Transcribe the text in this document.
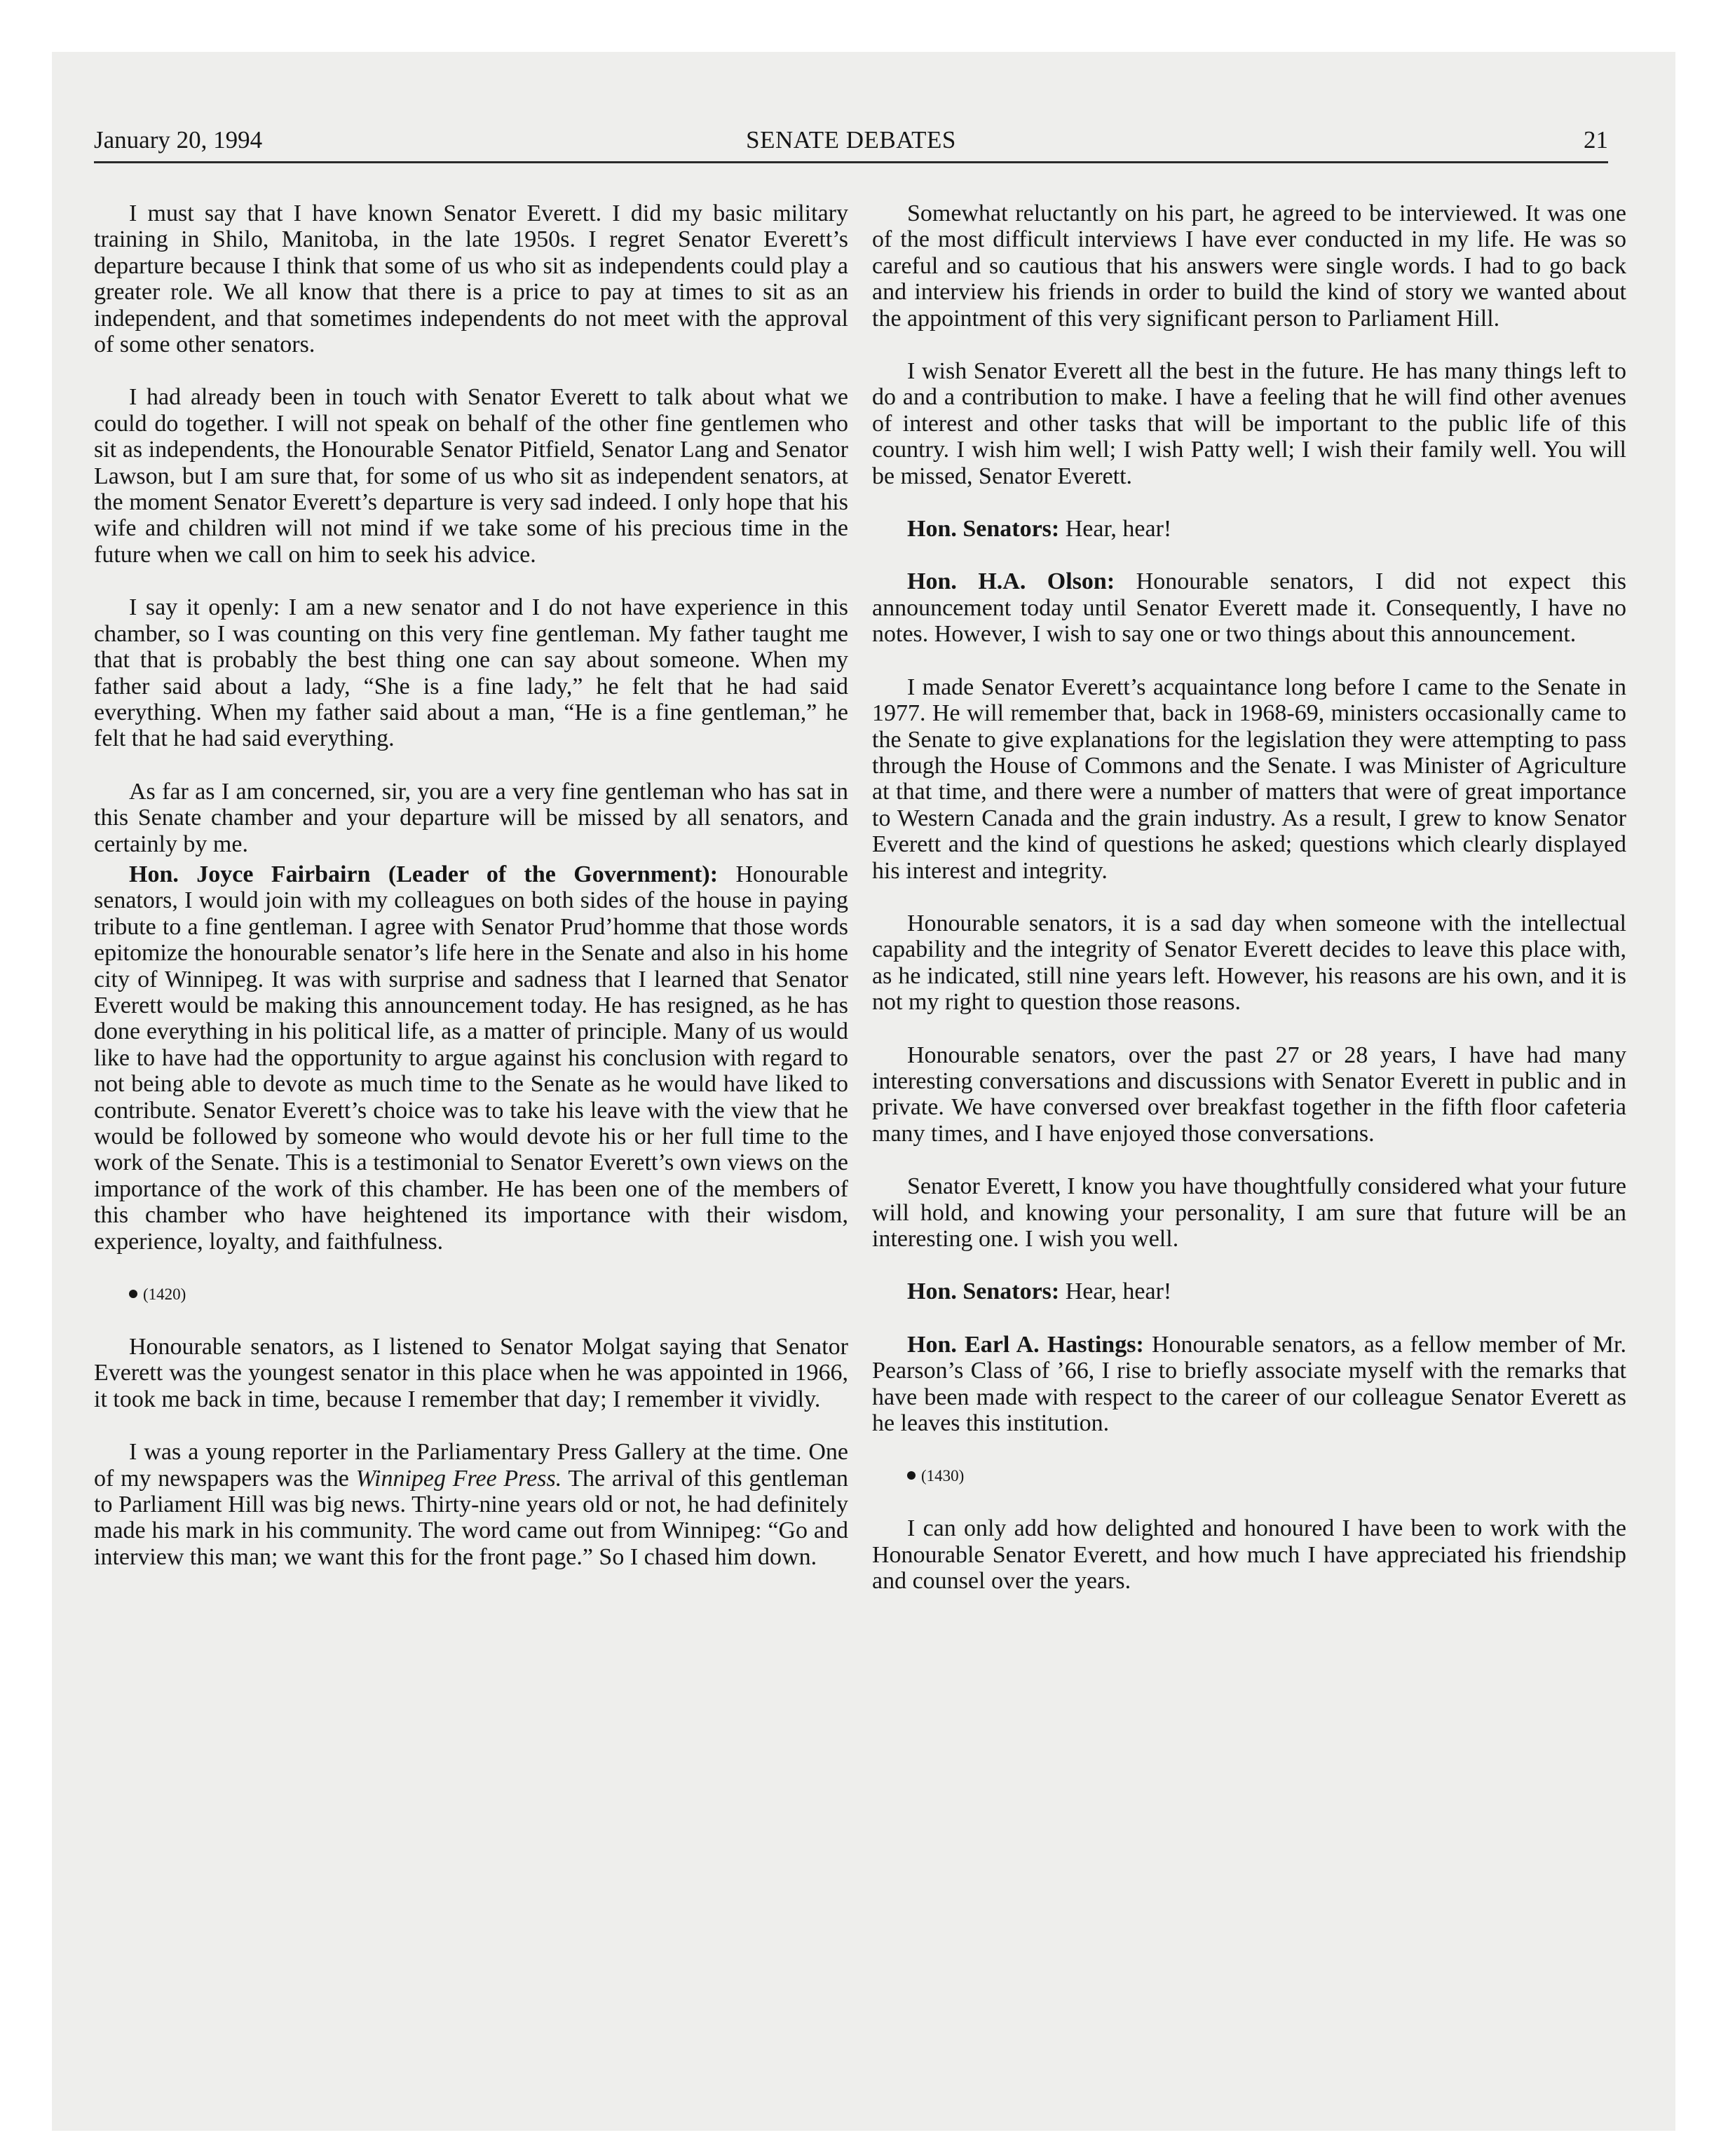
January 20, 1994	SENATE DEBATES	21

I must say that I have known Senator Everett. I did my basic military training in Shilo, Manitoba, in the late 1950s. I regret Senator Everett’s departure because I think that some of us who sit as independents could play a greater role. We all know that there is a price to pay at times to sit as an independent, and that sometimes independents do not meet with the approval of some other senators.

I had already been in touch with Senator Everett to talk about what we could do together. I will not speak on behalf of the other fine gentlemen who sit as independents, the Honourable Senator Pitfield, Senator Lang and Senator Lawson, but I am sure that, for some of us who sit as independent senators, at the moment Senator Everett’s departure is very sad indeed. I only hope that his wife and children will not mind if we take some of his precious time in the future when we call on him to seek his advice.

I say it openly: I am a new senator and I do not have experience in this chamber, so I was counting on this very fine gentleman. My father taught me that that is probably the best thing one can say about someone. When my father said about a lady, “She is a fine lady,” he felt that he had said everything. When my father said about a man, “He is a fine gentleman,” he felt that he had said everything.

As far as I am concerned, sir, you are a very fine gentleman who has sat in this Senate chamber and your departure will be missed by all senators, and certainly by me.

Hon. Joyce Fairbairn (Leader of the Government): Honourable senators, I would join with my colleagues on both sides of the house in paying tribute to a fine gentleman. I agree with Senator Prud’homme that those words epitomize the honourable senator’s life here in the Senate and also in his home city of Winnipeg. It was with surprise and sadness that I learned that Senator Everett would be making this announcement today. He has resigned, as he has done everything in his political life, as a matter of principle. Many of us would like to have had the opportunity to argue against his conclusion with regard to not being able to devote as much time to the Senate as he would have liked to contribute. Senator Everett’s choice was to take his leave with the view that he would be followed by someone who would devote his or her full time to the work of the Senate. This is a testimonial to Senator Everett’s own views on the importance of the work of this chamber. He has been one of the members of this chamber who have heightened its importance with their wisdom, experience, loyalty, and faithfulness.

(1420)

Honourable senators, as I listened to Senator Molgat saying that Senator Everett was the youngest senator in this place when he was appointed in 1966, it took me back in time, because I remember that day; I remember it vividly.

I was a young reporter in the Parliamentary Press Gallery at the time. One of my newspapers was the Winnipeg Free Press. The arrival of this gentleman to Parliament Hill was big news. Thirty-nine years old or not, he had definitely made his mark in his community. The word came out from Winnipeg: “Go and interview this man; we want this for the front page.” So I chased him down.

Somewhat reluctantly on his part, he agreed to be interviewed. It was one of the most difficult interviews I have ever conducted in my life. He was so careful and so cautious that his answers were single words. I had to go back and interview his friends in order to build the kind of story we wanted about the appointment of this very significant person to Parliament Hill.

I wish Senator Everett all the best in the future. He has many things left to do and a contribution to make. I have a feeling that he will find other avenues of interest and other tasks that will be important to the public life of this country. I wish him well; I wish Patty well; I wish their family well. You will be missed, Senator Everett.

Hon. Senators: Hear, hear!

Hon. H.A. Olson: Honourable senators, I did not expect this announcement today until Senator Everett made it. Consequently, I have no notes. However, I wish to say one or two things about this announcement.

I made Senator Everett’s acquaintance long before I came to the Senate in 1977. He will remember that, back in 1968-69, ministers occasionally came to the Senate to give explanations for the legislation they were attempting to pass through the House of Commons and the Senate. I was Minister of Agriculture at that time, and there were a number of matters that were of great importance to Western Canada and the grain industry. As a result, I grew to know Senator Everett and the kind of questions he asked; questions which clearly displayed his interest and integrity.

Honourable senators, it is a sad day when someone with the intellectual capability and the integrity of Senator Everett decides to leave this place with, as he indicated, still nine years left. However, his reasons are his own, and it is not my right to question those reasons.

Honourable senators, over the past 27 or 28 years, I have had many interesting conversations and discussions with Senator Everett in public and in private. We have conversed over breakfast together in the fifth floor cafeteria many times, and I have enjoyed those conversations.

Senator Everett, I know you have thoughtfully considered what your future will hold, and knowing your personality, I am sure that future will be an interesting one. I wish you well.

Hon. Senators: Hear, hear!

Hon. Earl A. Hastings: Honourable senators, as a fellow member of Mr. Pearson’s Class of ’66, I rise to briefly associate myself with the remarks that have been made with respect to the career of our colleague Senator Everett as he leaves this institution.

(1430)

I can only add how delighted and honoured I have been to work with the Honourable Senator Everett, and how much I have appreciated his friendship and counsel over the years.
